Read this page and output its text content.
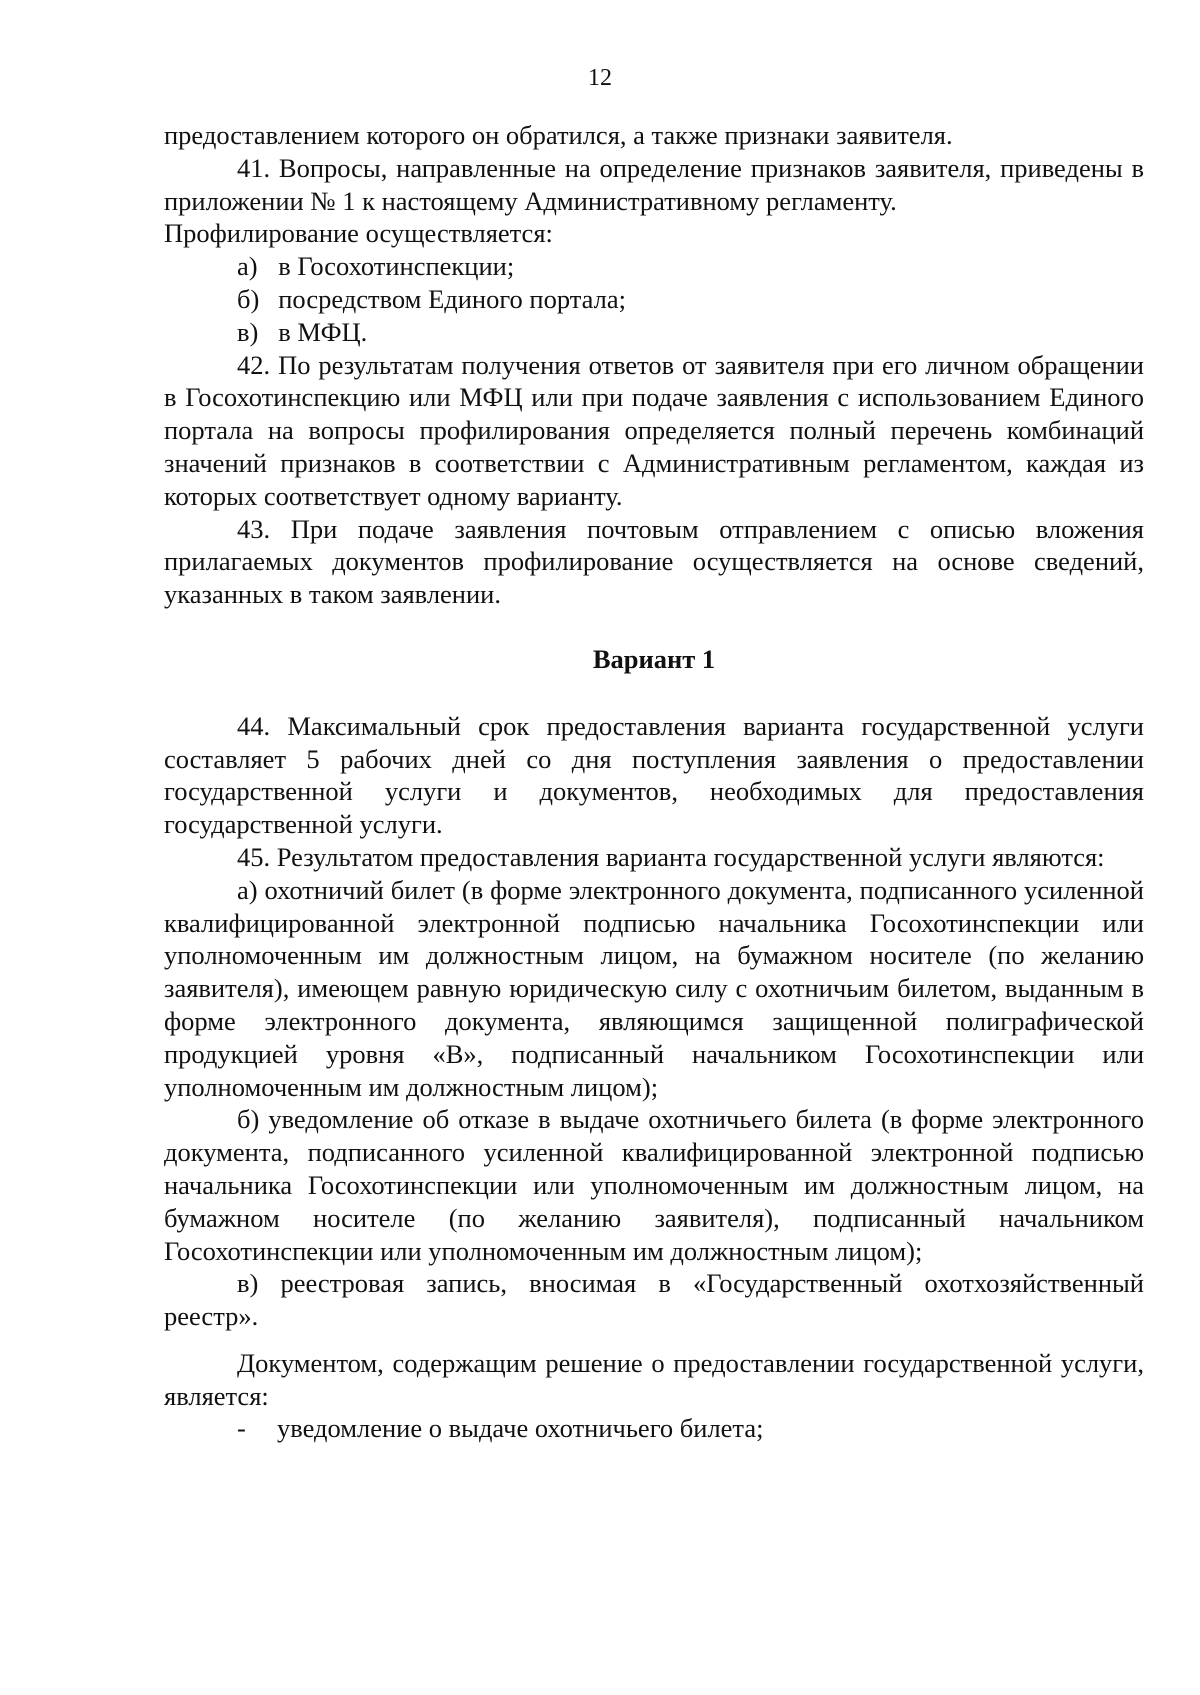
12

предоставлением которого он обратился, а также признаки заявителя.

41. Вопросы, направленные на определение признаков заявителя, приведены в приложении № 1 к настоящему Административному регламенту.

Профилирование осуществляется:

а)
в Госохотинспекции;

б)
посредством Единого портала;

в)
в МФЦ.

42. По результатам получения ответов от заявителя при его личном обращении в Госохотинспекцию или МФЦ или при подаче заявления с использованием Единого портала на вопросы профилирования определяется полный перечень комбинаций значений признаков в соответствии с Административным регламентом, каждая из которых соответствует одному варианту.

43. При подаче заявления почтовым отправлением с описью вложения прилагаемых документов профилирование осуществляется на основе сведений, указанных в таком заявлении.

Вариант 1

44. Максимальный срок предоставления варианта государственной услуги составляет 5 рабочих дней со дня поступления заявления о предоставлении государственной услуги и документов, необходимых для предоставления государственной услуги.

45. Результатом предоставления варианта государственной услуги являются:

а) охотничий билет (в форме электронного документа, подписанного усиленной квалифицированной электронной подписью начальника Госохотинспекции или уполномоченным им должностным лицом, на бумажном носителе (по желанию заявителя), имеющем равную юридическую силу с охотничьим билетом, выданным в форме электронного документа, являющимся защищенной полиграфической продукцией уровня «В», подписанный начальником Госохотинспекции или уполномоченным им должностным лицом);

б) уведомление об отказе в выдаче охотничьего билета (в форме электронного документа, подписанного усиленной квалифицированной электронной подписью начальника Госохотинспекции или уполномоченным им должностным лицом, на бумажном носителе (по желанию заявителя), подписанный начальником Госохотинспекции или уполномоченным им должностным лицом);

в) реестровая запись, вносимая в «Государственный охотхозяйственный реестр».

Документом, содержащим решение о предоставлении государственной услуги, является:

-	уведомление о выдаче охотничьего билета;
